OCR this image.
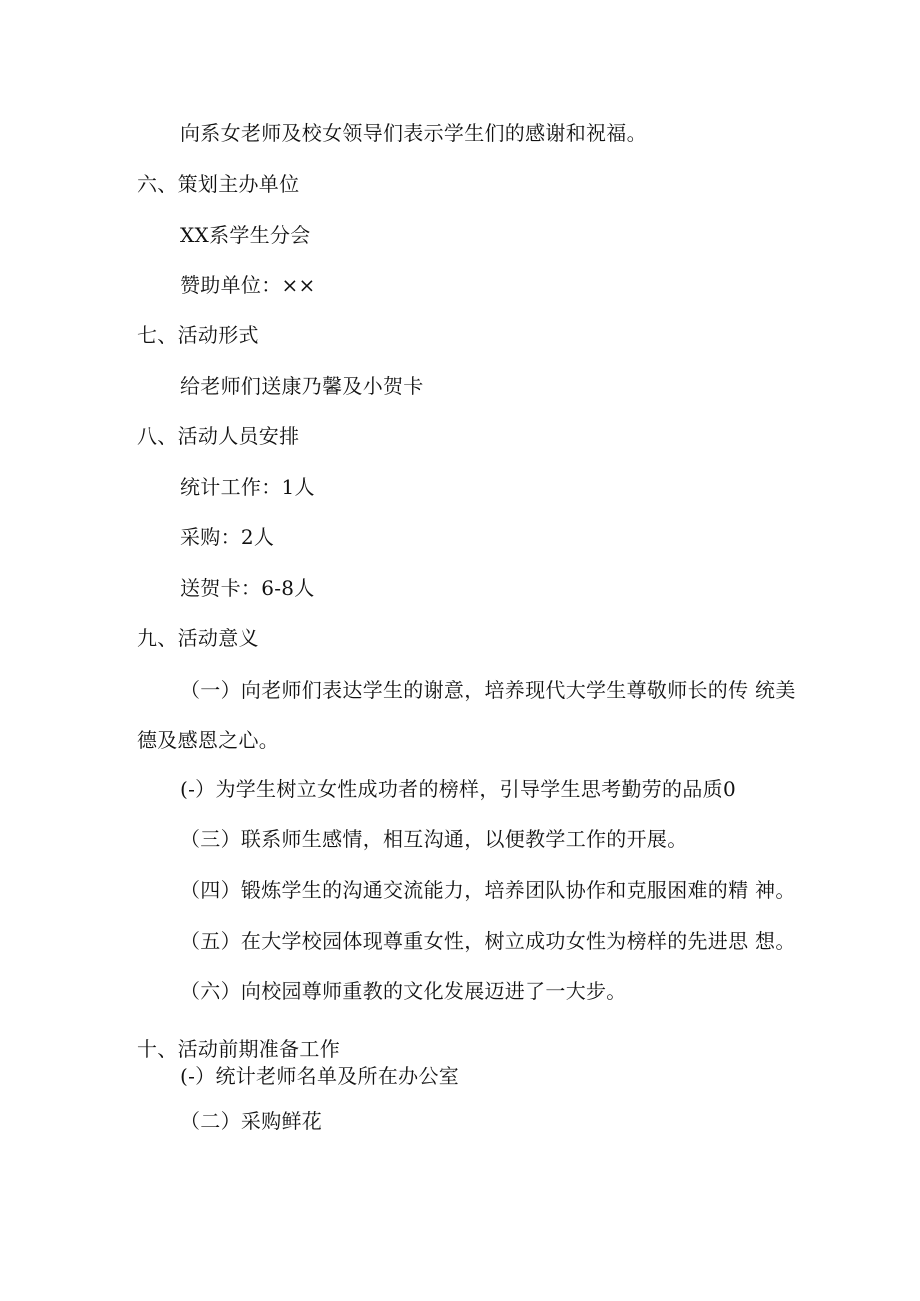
向系女老师及校女领导们表示学生们的感谢和祝福。
六、策划主办单位
XX系学生分会
赞助单位：××
七、活动形式
给老师们送康乃馨及小贺卡
八、活动人员安排
统计工作：1人
采购：2人
送贺卡：6-8人
九、活动意义
（一）向老师们表达学生的谢意，培养现代大学生尊敬师长的传 统美
德及感恩之心。
(-）为学生树立女性成功者的榜样，引导学生思考勤劳的品质0
（三）联系师生感情，相互沟通，以便教学工作的开展。
（四）锻炼学生的沟通交流能力，培养团队协作和克服困难的精 神。
（五）在大学校园体现尊重女性，树立成功女性为榜样的先进思 想。
（六）向校园尊师重教的文化发展迈进了一大步。
十、活动前期准备工作
(-）统计老师名单及所在办公室
（二）采购鲜花
